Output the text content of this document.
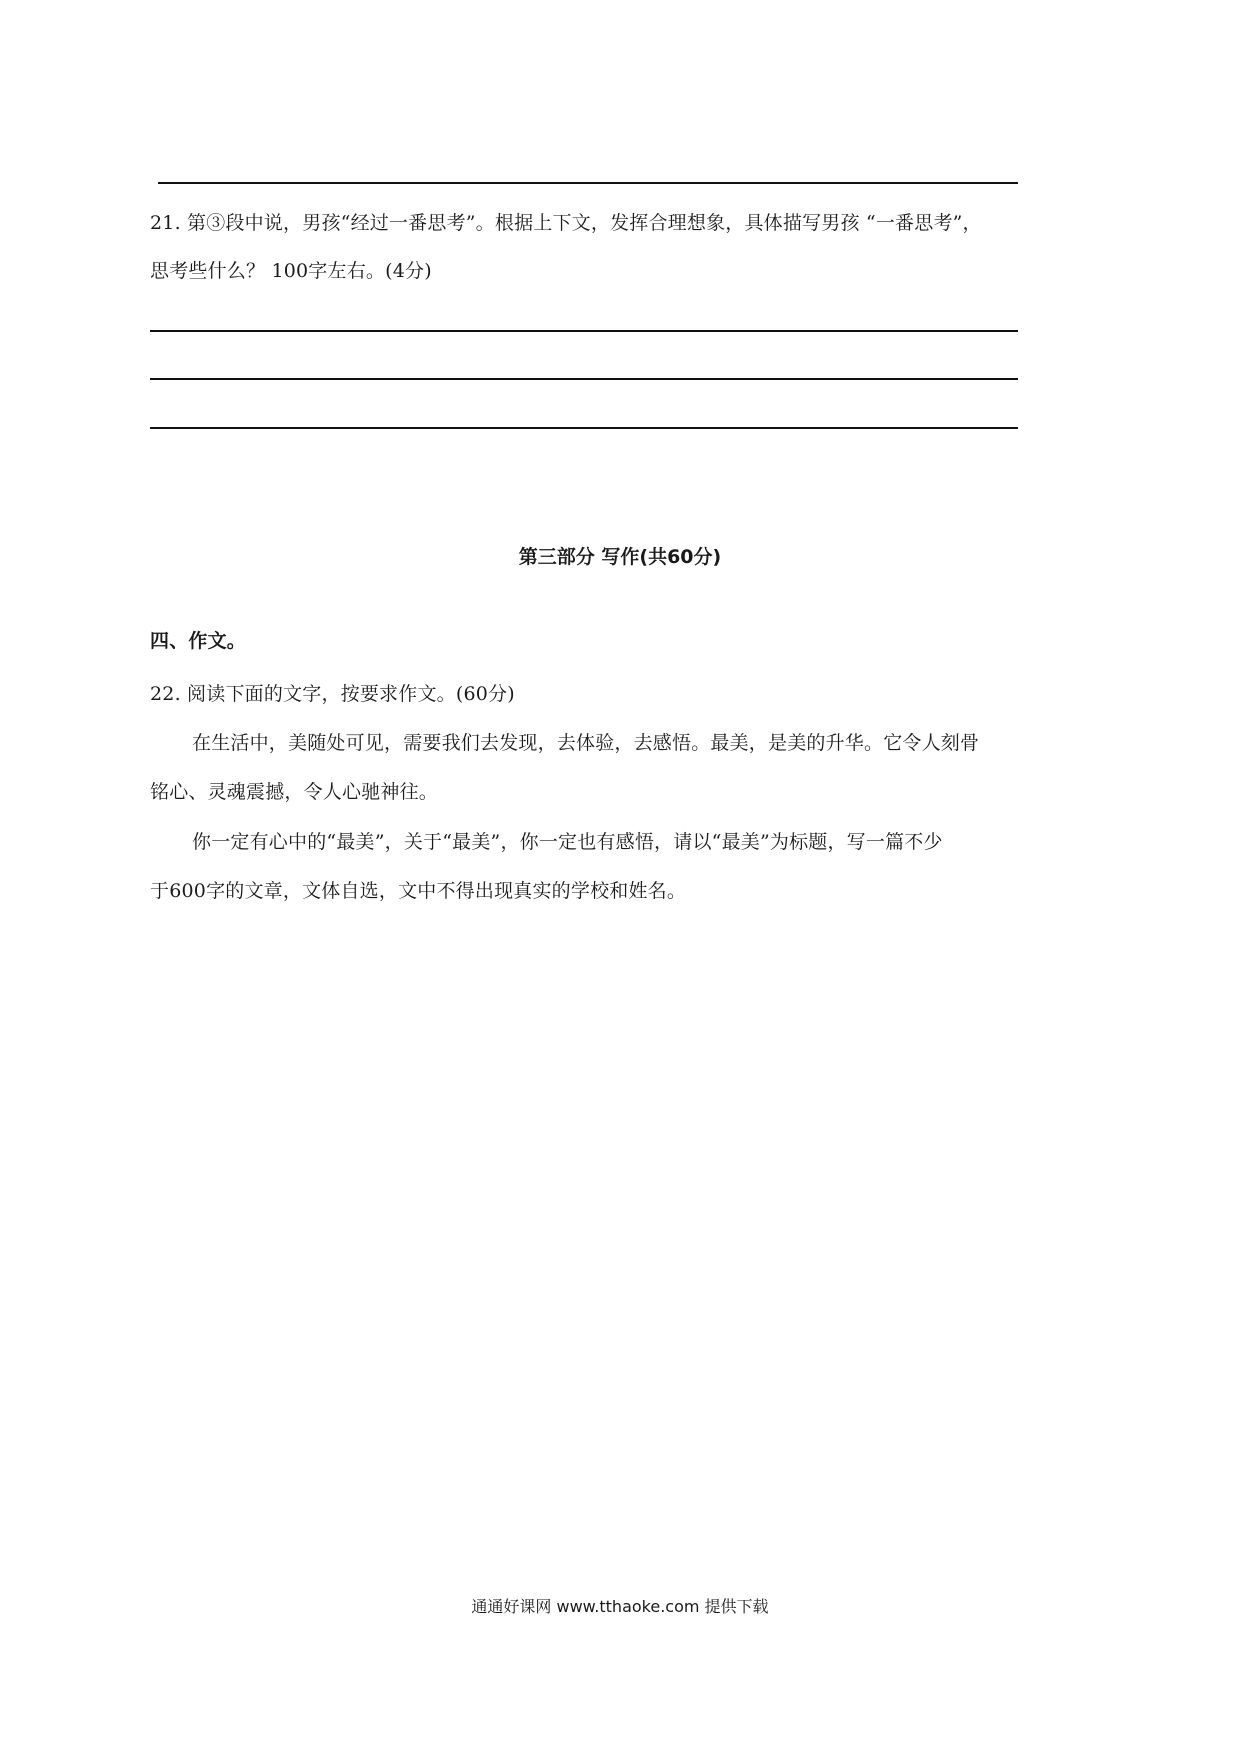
21. 第③段中说，男孩“经过一番思考”。根据上下文，发挥合理想象，具体描写男孩 “一番思考”，
思考些什么？ 100字左右。(4分)
第三部分 写作(共60分)
四、作文。
22. 阅读下面的文字，按要求作文。(60分)
在生活中，美随处可见，需要我们去发现，去体验，去感悟。最美，是美的升华。它令人刻骨
铭心、灵魂震撼，令人心驰神往。
你一定有心中的“最美”，关于“最美”，你一定也有感悟，请以“最美”为标题，写一篇不少
于600字的文章，文体自选，文中不得出现真实的学校和姓名。
通通好课网 www.tthaoke.com 提供下载
